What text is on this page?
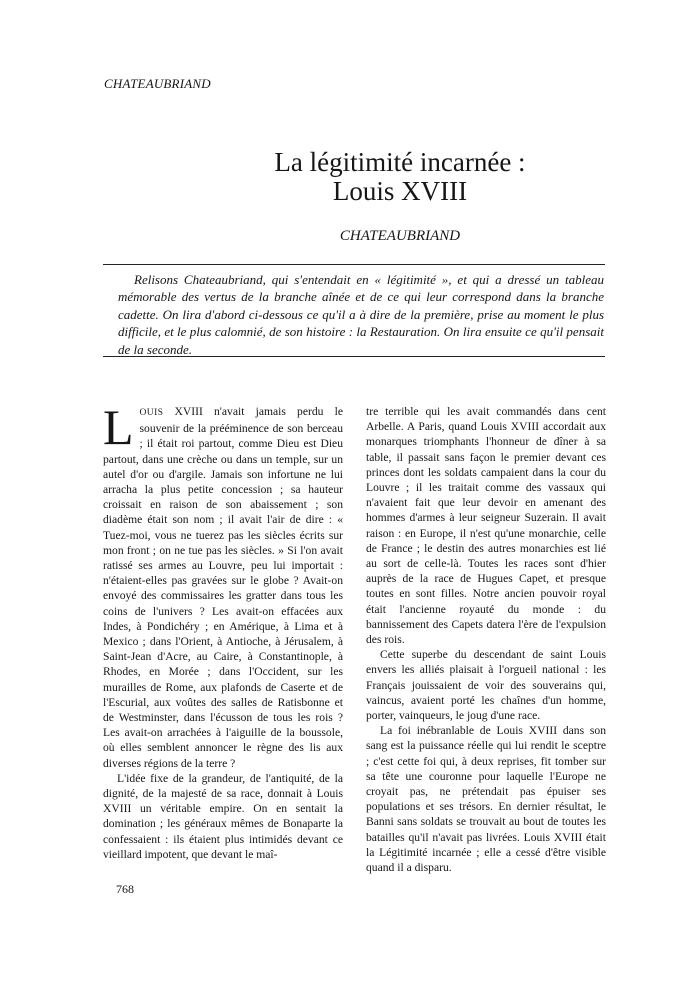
CHATEAUBRIAND
La légitimité incarnée :
Louis XVIII
CHATEAUBRIAND

Relisons Chateaubriand, qui s'entendait en « légitimité », et qui a dressé un tableau mémorable des vertus de la branche aînée et de ce qui leur correspond dans la branche cadette. On lira d'abord ci-dessous ce qu'il a à dire de la première, prise au moment le plus difficile, et le plus calomnié, de son histoire : la Restauration. On lira ensuite ce qu'il pensait de la seconde.

LOUIS XVIII n'avait jamais perdu le souvenir de la prééminence de son berceau ; il était roi partout, comme Dieu est Dieu partout, dans une crèche ou dans un temple, sur un autel d'or ou d'argile. Jamais son infortune ne lui arracha la plus petite concession ; sa hauteur croissait en raison de son abaissement ; son diadème était son nom ; il avait l'air de dire : « Tuez-moi, vous ne tuerez pas les siècles écrits sur mon front ; on ne tue pas les siècles. » Si l'on avait ratissé ses armes au Louvre, peu lui importait : n'étaient-elles pas gravées sur le globe ? Avait-on envoyé des commissaires les gratter dans tous les coins de l'univers ? Les avait-on effacées aux Indes, à Pondichéry ; en Amérique, à Lima et à Mexico ; dans l'Orient, à Antioche, à Jérusalem, à Saint-Jean d'Acre, au Caire, à Constantinople, à Rhodes, en Morée ; dans l'Occident, sur les murailles de Rome, aux plafonds de Caserte et de l'Escurial, aux voûtes des salles de Ratisbonne et de Westminster, dans l'écusson de tous les rois ? Les avait-on arrachées à l'aiguille de la boussole, où elles semblent annoncer le règne des lis aux diverses régions de la terre ?

L'idée fixe de la grandeur, de l'antiquité, de la dignité, de la majesté de sa race, donnait à Louis XVIII un véritable empire. On en sentait la domination ; les généraux mêmes de Bonaparte la confessaient : ils étaient plus intimidés devant ce vieillard impotent, que devant le maî-

tre terrible qui les avait commandés dans cent Arbelle. A Paris, quand Louis XVIII accordait aux monarques triomphants l'honneur de dîner à sa table, il passait sans façon le premier devant ces princes dont les soldats campaient dans la cour du Louvre ; il les traitait comme des vassaux qui n'avaient fait que leur devoir en amenant des hommes d'armes à leur seigneur Suzerain. Il avait raison : en Europe, il n'est qu'une monarchie, celle de France ; le destin des autres monarchies est lié au sort de celle-là. Toutes les races sont d'hier auprès de la race de Hugues Capet, et presque toutes en sont filles. Notre ancien pouvoir royal était l'ancienne royauté du monde : du bannissement des Capets datera l'ère de l'expulsion des rois.

Cette superbe du descendant de saint Louis envers les alliés plaisait à l'orgueil national : les Français jouissaient de voir des souverains qui, vaincus, avaient porté les chaînes d'un homme, porter, vainqueurs, le joug d'une race.

La foi inébranlable de Louis XVIII dans son sang est la puissance réelle qui lui rendit le sceptre ; c'est cette foi qui, à deux reprises, fit tomber sur sa tête une couronne pour laquelle l'Europe ne croyait pas, ne prétendait pas épuiser ses populations et ses trésors. En dernier résultat, le Banni sans soldats se trouvait au bout de toutes les batailles qu'il n'avait pas livrées. Louis XVIII était la Légitimité incarnée ; elle a cessé d'être visible quand il a disparu.

768
